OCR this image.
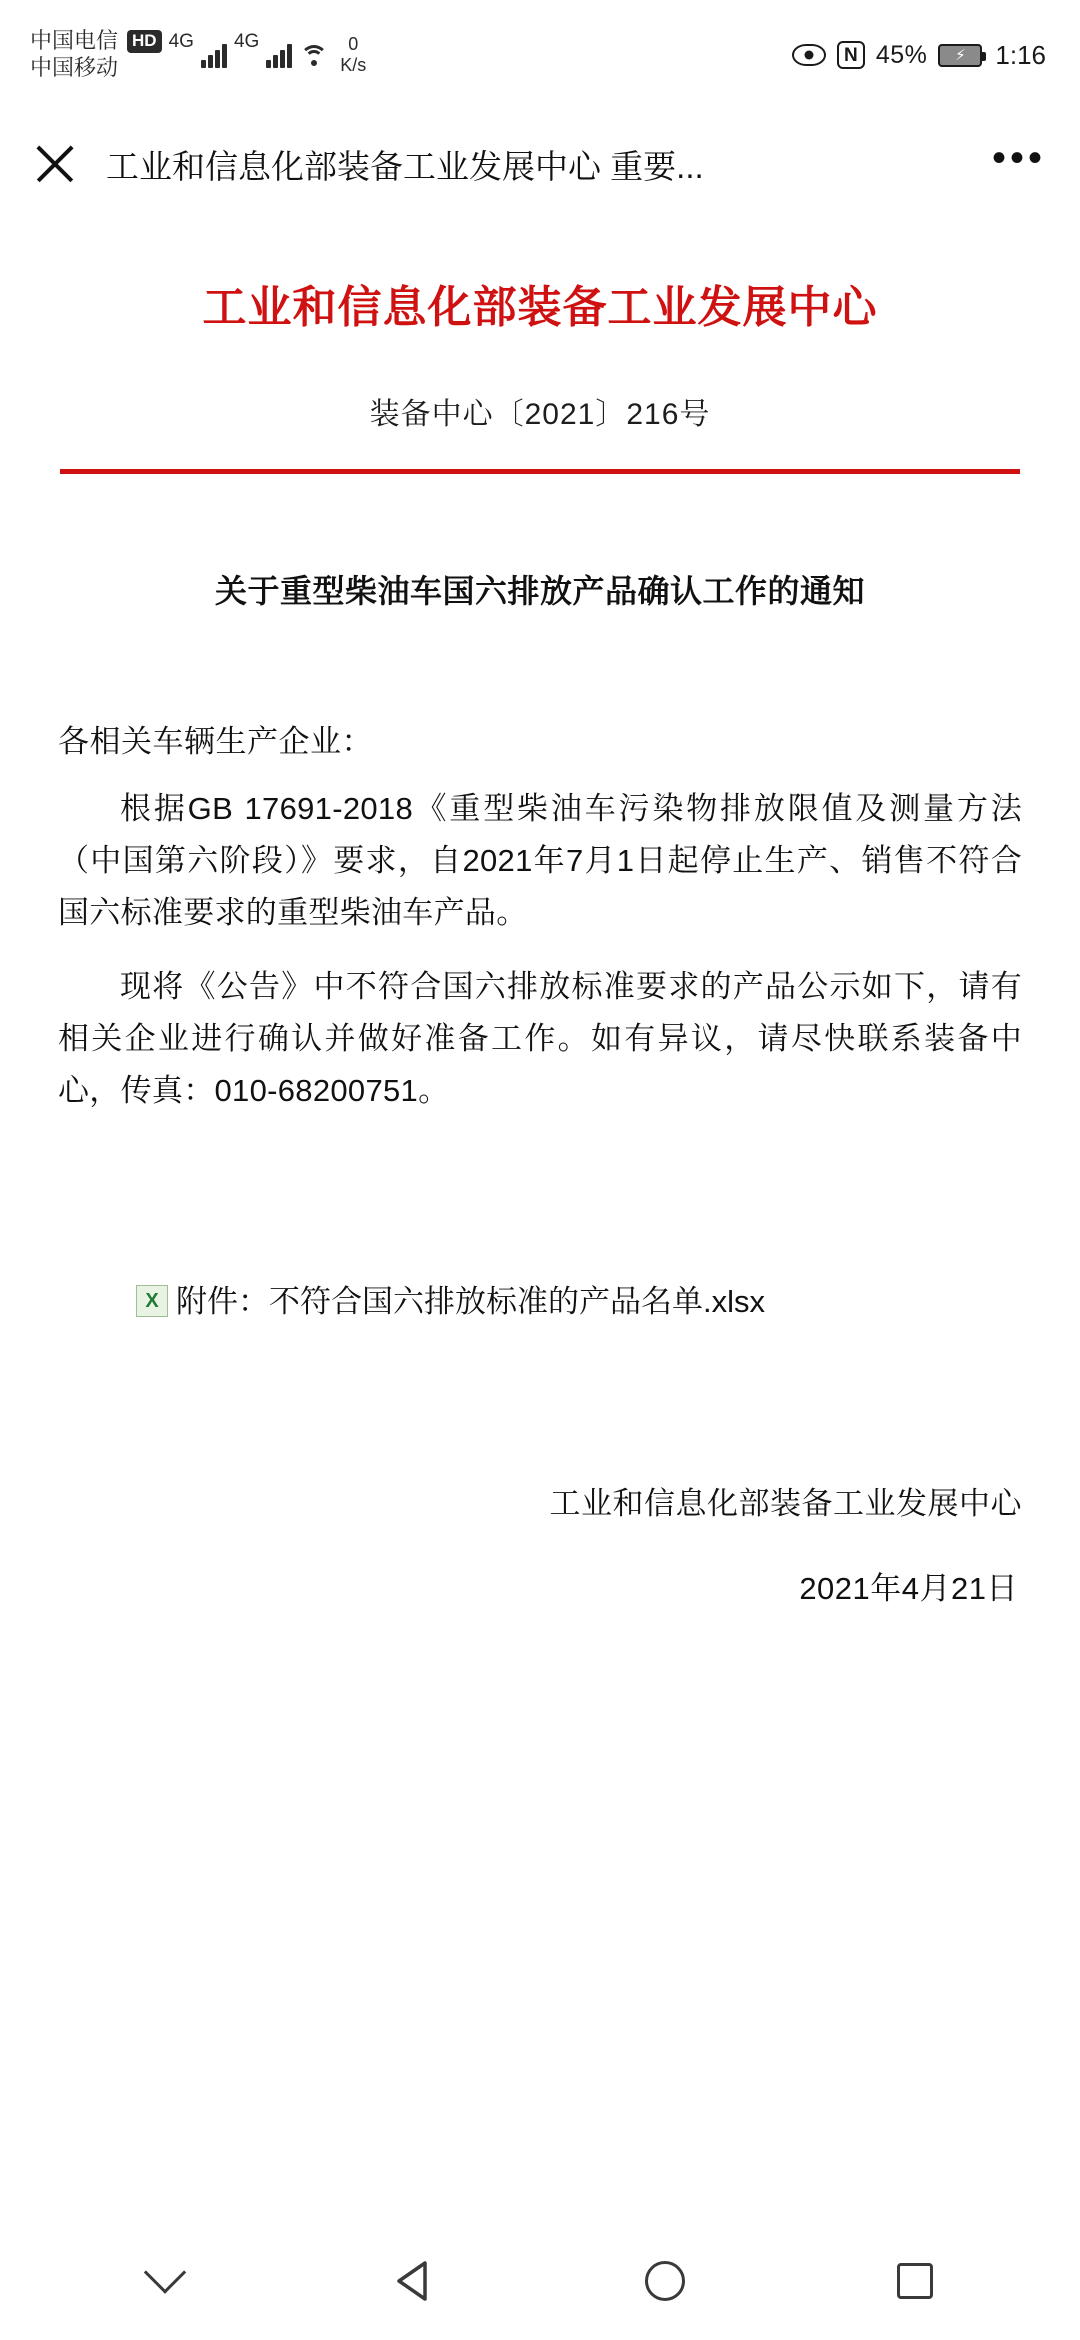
中国电信
中国移动
HD 4G 4G	0
K/s	N 45% ⚡ 1:16
工业和信息化部装备工业发展中心 重要...	•••
工业和信息化部装备工业发展中心
装备中心〔2021〕216号
关于重型柴油车国六排放产品确认工作的通知
各相关车辆生产企业：
根据GB 17691-2018《重型柴油车污染物排放限值及测量方法（中国第六阶段）》要求，自2021年7月1日起停止生产、销售不符合国六标准要求的重型柴油车产品。
现将《公告》中不符合国六排放标准要求的产品公示如下，请有相关企业进行确认并做好准备工作。如有异议，请尽快联系装备中心，传真：010-68200751。
X
附件：不符合国六排放标准的产品名单.xlsx
工业和信息化部装备工业发展中心
2021年4月21日
